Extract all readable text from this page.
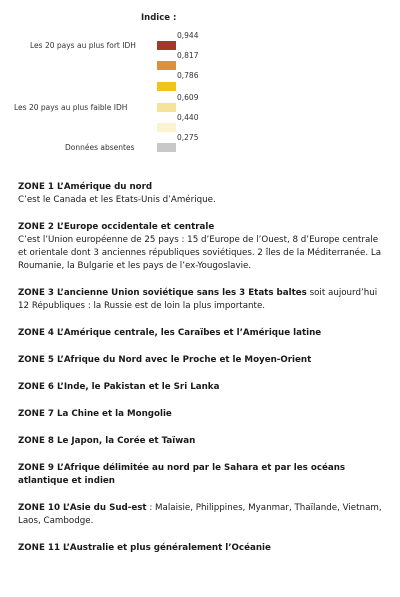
Indice :
Les 20 pays au plus fort IDH
Les 20 pays au plus faible IDH
Données absentes
0,944
0,817
0,786
0,609
0,440
0,275
ZONE 1 L’Amérique du nord
C’est le Canada et les Etats-Unis d’Amérique.
ZONE 2 L’Europe occidentale et centrale
C’est l’Union européenne de 25 pays : 15 d’Europe de l’Ouest, 8 d’Europe centrale et orientale dont 3 anciennes républiques soviétiques. 2 îles de la Méditerranée. La Roumanie, la Bulgarie et les pays de l’ex-Yougoslavie.
ZONE 3 L’ancienne Union soviétique sans les 3 Etats baltes soit aujourd’hui 12 Républiques : la Russie est de loin la plus importante.
ZONE 4 L’Amérique centrale, les Caraïbes et l’Amérique latine
ZONE 5 L’Afrique du Nord avec le Proche et le Moyen-Orient
ZONE 6 L’Inde, le Pakistan et le Sri Lanka
ZONE 7 La Chine et la Mongolie
ZONE 8 Le Japon, la Corée et Taïwan
ZONE 9 L’Afrique délimitée au nord par le Sahara et par les océans atlantique et indien
ZONE 10 L’Asie du Sud-est : Malaisie, Philippines, Myanmar, Thaïlande, Vietnam, Laos, Cambodge.
ZONE 11 L’Australie et plus généralement l’Océanie
